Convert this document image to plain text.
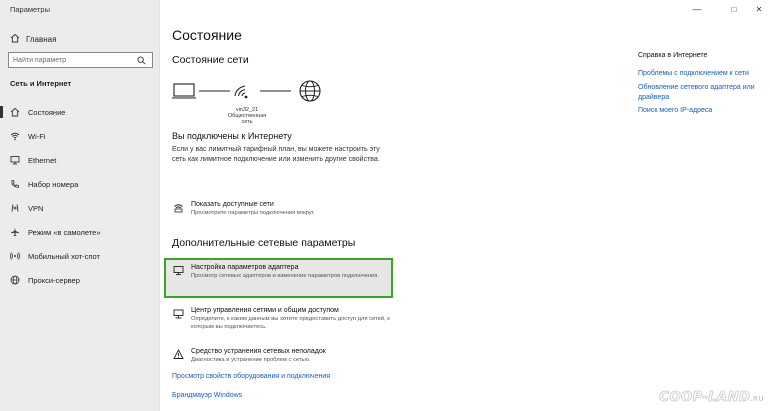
Параметры
Главная
Найти параметр
Сеть и Интернет
Состояние
Wi-Fi
Ethernet
Набор номера
VPN
Режим «в самолете»
Мобильный хот-спот
Прокси-сервер
—	□	✕
Состояние
Состояние сети
vin32_21
Общественная сеть
Вы подключены к Интернету
Если у вас лимитный тарифный план, вы можете настроить эту сеть как лимитное подключение или изменить другие свойства.
Показать доступные сети
Просмотрите параметры подключения вокруг.
Дополнительные сетевые параметры
Настройка параметров адаптера
Просмотр сетевых адаптеров и изменение параметров подключения.
Центр управления сетями и общим доступом
Определите, к каким данным вы хотите предоставить доступ для сетей, к которым вы подключаетесь.
Средство устранения сетевых неполадок
Диагностика и устранение проблем с сетью.
Просмотр свойств оборудования и подключения
Брандмауэр Windows
Справка в Интернете
Проблемы с подключением к сети
Обновление сетевого адаптера или драйвера
Поиск моего IP-адреса
COOP-LAND.RU
